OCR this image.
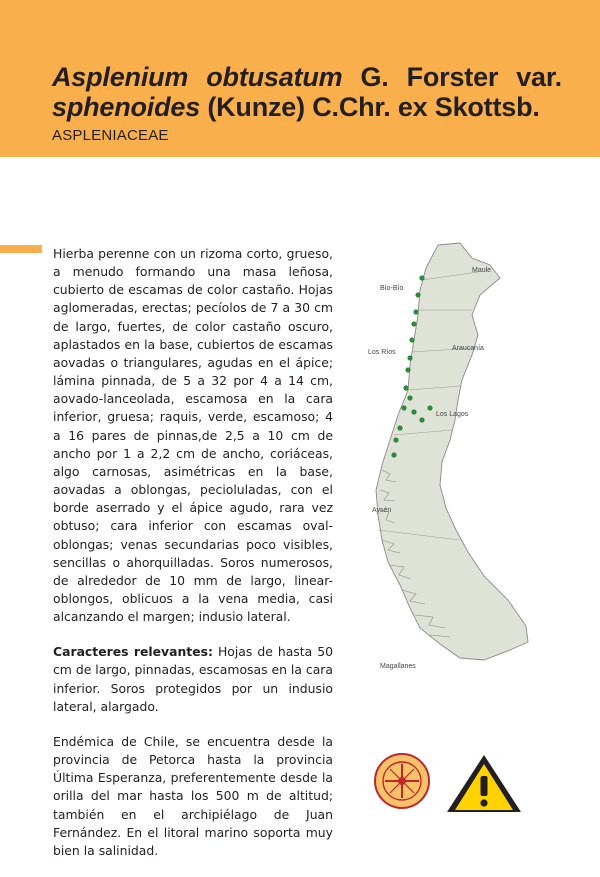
Asplenium obtusatum G. Forster var.
sphenoides (Kunze) C.Chr. ex Skottsb.
ASPLENIACEAE

Hierba perenne con un rizoma corto, grueso, a menudo formando una masa leñosa, cubierto de escamas de color castaño. Hojas aglomeradas, erectas; pecíolos de 7 a 30 cm de largo, fuertes, de color castaño oscuro, aplastados en la base, cubiertos de escamas aovadas o triangulares, agudas en el ápice; lámina pinnada, de 5 a 32 por 4 a 14 cm, aovado-lanceolada, escamosa en la cara inferior, gruesa; raquis, verde, escamoso; 4 a 16 pares de pinnas,de 2,5 a 10 cm de ancho por 1 a 2,2 cm de ancho, coriáceas, algo carnosas, asimétricas en la base, aovadas a oblongas, pecioluladas, con el borde aserrado y el ápice agudo, rara vez obtuso; cara inferior con escamas oval-oblongas; venas secundarias poco visibles, sencillas o ahorquilladas. Soros numerosos, de alrededor de 10 mm de largo, linear-oblongos, oblicuos a la vena media, casi alcanzando el margen; indusio lateral.

Caracteres relevantes: Hojas de hasta 50 cm de largo, pinnadas, escamosas en la cara inferior. Soros protegidos por un indusio lateral, alargado.

Endémica de Chile, se encuentra desde la provincia de Petorca hasta la provincia Última Esperanza, preferentemente desde la orilla del mar hasta los 500 m de altitud; también en el archipiélago de Juan Fernández. En el litoral marino soporta muy bien la salinidad.

Maule
Bío-Bío
Araucanía
Los Ríos
Los Lagos
Aysén
Magallanes
